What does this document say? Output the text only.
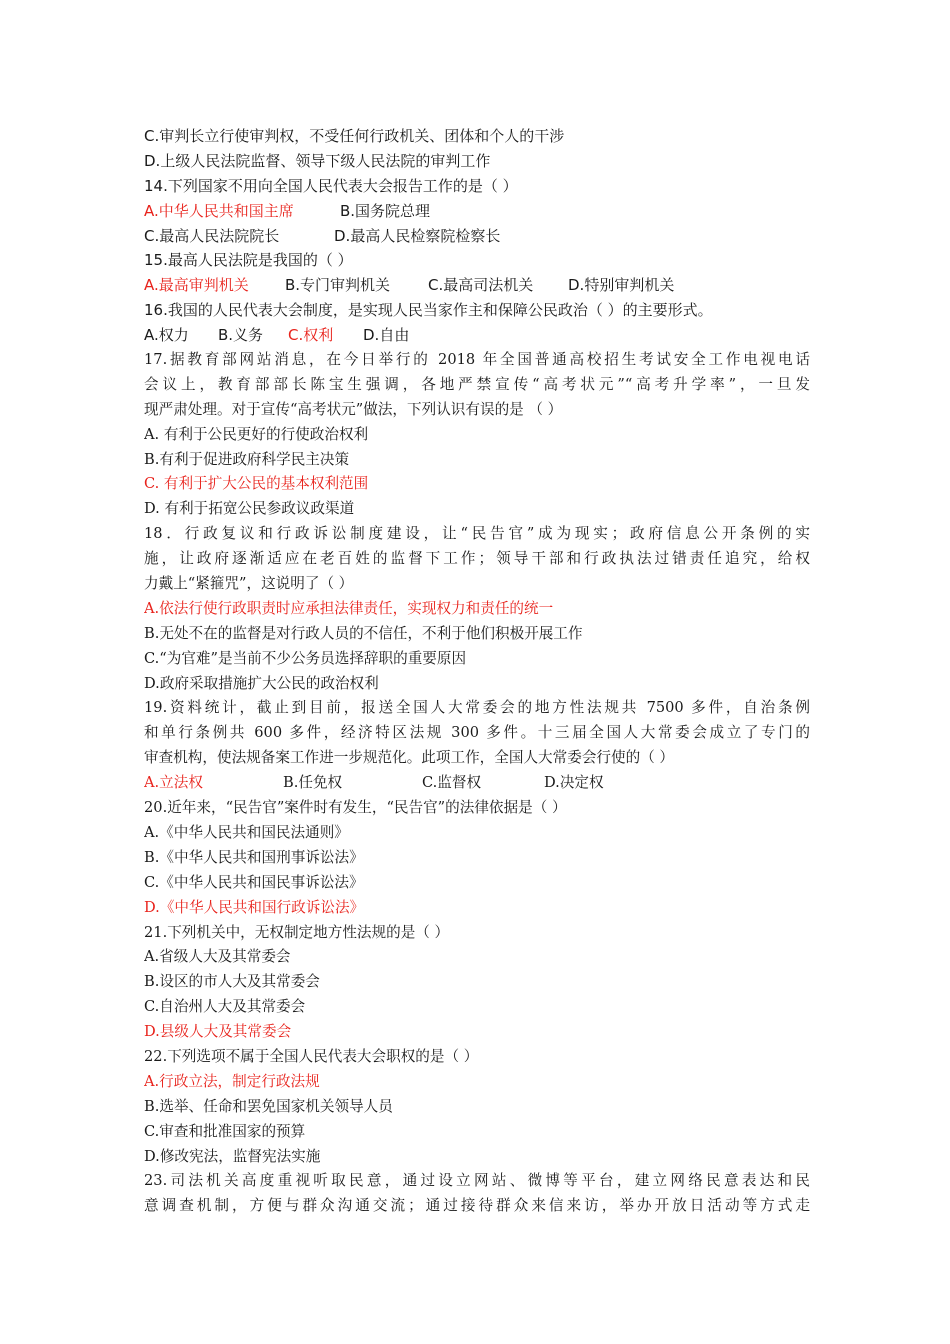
C.审判长立行使审判权，不受任何行政机关、团体和个人的干涉
D.上级人民法院监督、领导下级人民法院的审判工作
14.下列国家不用向全国人民代表大会报告工作的是（ ）
A.中华人民共和国主席	B.国务院总理
C.最高人民法院院长	D.最高人民检察院检察长
15.最高人民法院是我国的（ ）
A.最高审判机关 B.专门审判机关	C.最高司法机关 D.特别审判机关
16.我国的人民代表大会制度，是实现人民当家作主和保障公民政治（ ）的主要形式。
A.权力 B.义务 C.权利 D.自由
17.据教育部网站消息，在今日举行的 2018 年全国普通高校招生考试安全工作电视电话
会议上，教育部部长陈宝生强调，各地严禁宣传“高考状元”“高考升学率”，一旦发
现严肃处理。对于宣传“高考状元”做法，下列认识有误的是 （ ）
A. 有利于公民更好的行使政治权利
B.有利于促进政府科学民主决策
C. 有利于扩大公民的基本权利范围
D. 有利于拓宽公民参政议政渠道
18．行政复议和行政诉讼制度建设，让“民告官”成为现实；政府信息公开条例的实
施，让政府逐渐适应在老百姓的监督下工作；领导干部和行政执法过错责任追究，给权
力戴上“紧箍咒”，这说明了（ ）
A.依法行使行政职责时应承担法律责任，实现权力和责任的统一
B.无处不在的监督是对行政人员的不信任，不利于他们积极开展工作
C.“为官难”是当前不少公务员选择辞职的重要原因
D.政府采取措施扩大公民的政治权利
19.资料统计，截止到目前，报送全国人大常委会的地方性法规共 7500 多件，自治条例
和单行条例共 600 多件，经济特区法规 300 多件。十三届全国人大常委会成立了专门的
审查机构，使法规备案工作进一步规范化。此项工作，全国人大常委会行使的（ ）
A.立法权	B.任免权	C.监督权	D.决定权
20.近年来，“民告官”案件时有发生，“民告官”的法律依据是（ ）
A.《中华人民共和国民法通则》
B.《中华人民共和国刑事诉讼法》
C.《中华人民共和国民事诉讼法》
D.《中华人民共和国行政诉讼法》
21.下列机关中，无权制定地方性法规的是（ ）
A.省级人大及其常委会
B.设区的市人大及其常委会
C.自治州人大及其常委会
D.县级人大及其常委会
22.下列选项不属于全国人民代表大会职权的是（ ）
A.行政立法，制定行政法规
B.选举、任命和罢免国家机关领导人员
C.审查和批准国家的预算
D.修改宪法，监督宪法实施
23.司法机关高度重视听取民意，通过设立网站、微博等平台，建立网络民意表达和民
意调查机制，方便与群众沟通交流；通过接待群众来信来访，举办开放日活动等方式走
